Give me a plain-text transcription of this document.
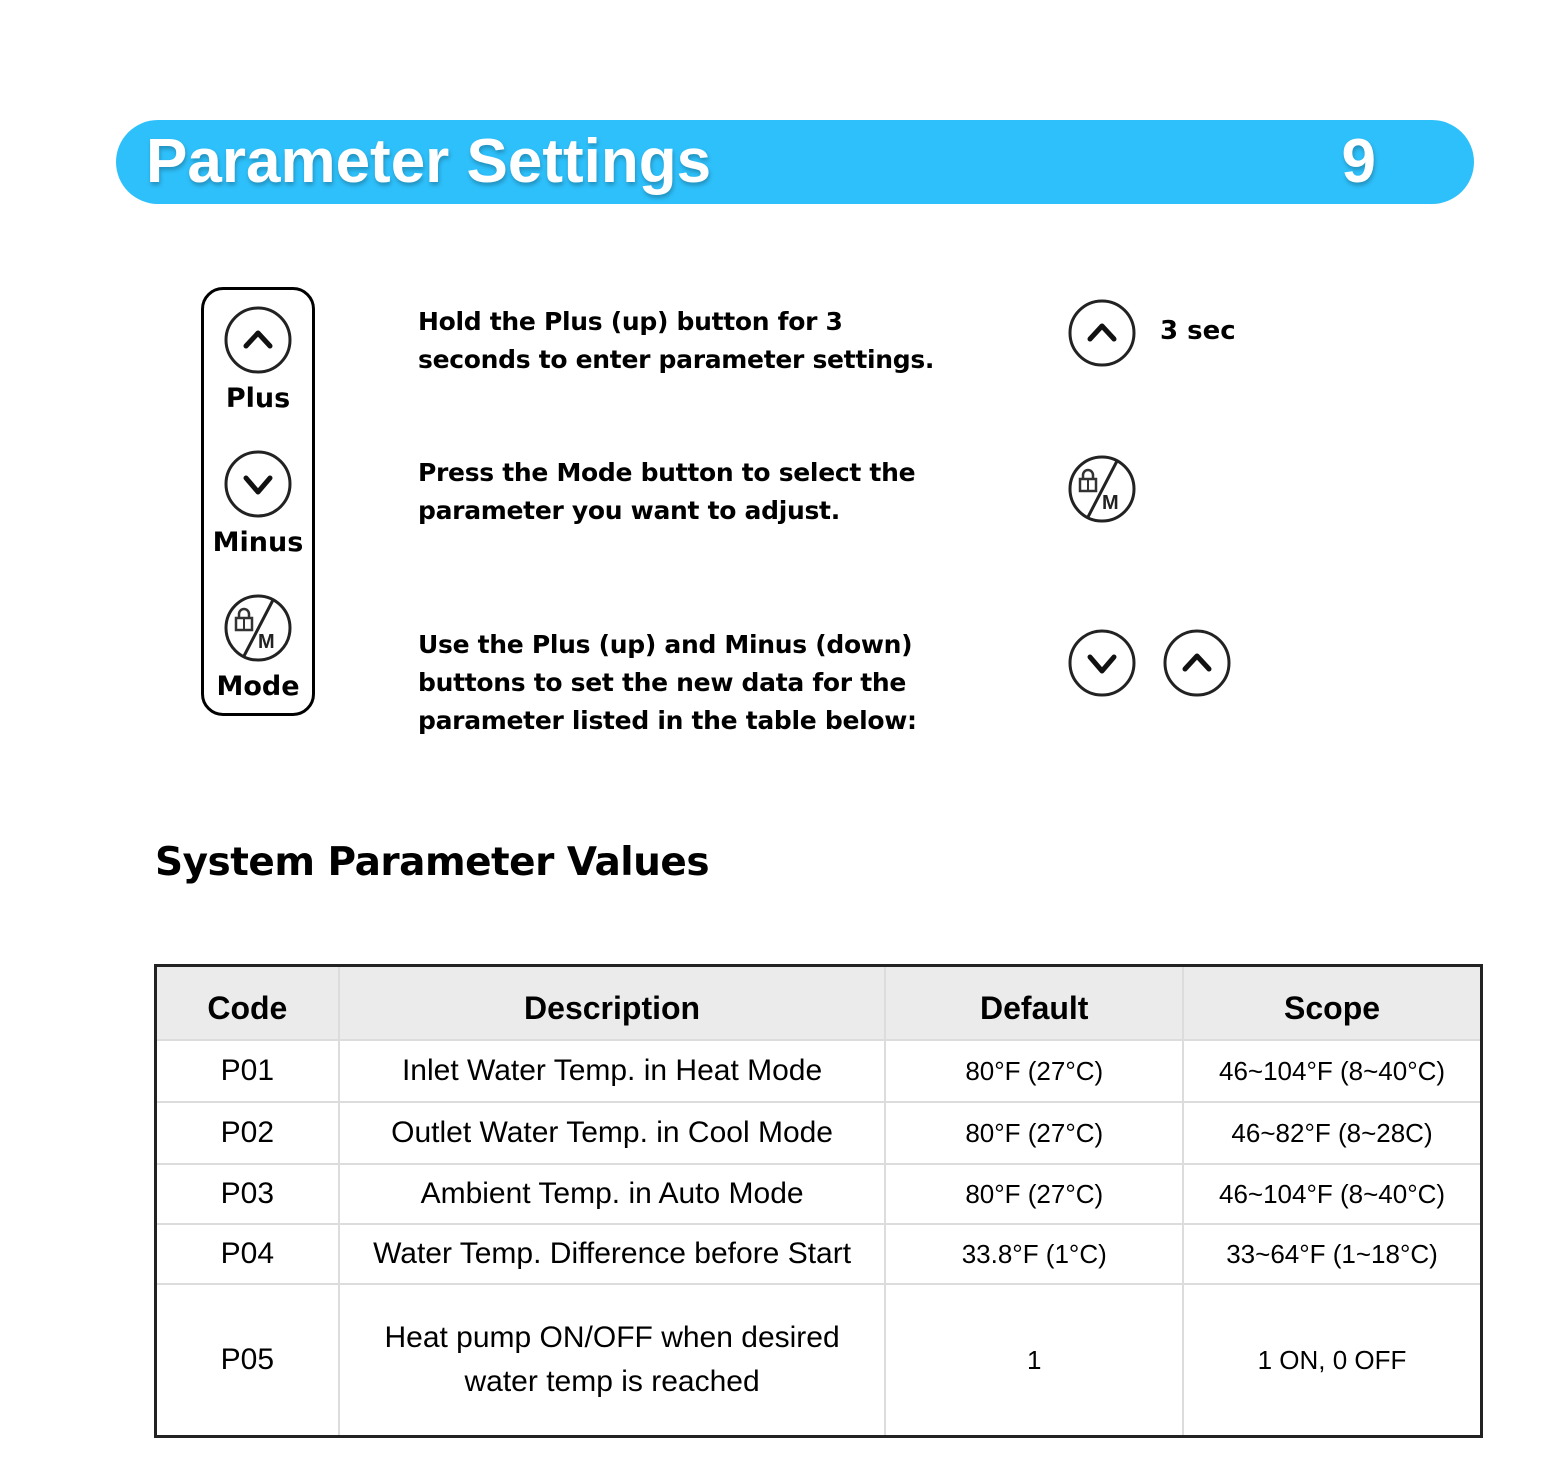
Parameter Settings	9
Plus
Minus
Mode
Hold the Plus (up) button for 3
seconds to enter parameter settings.
Press the Mode button to select the
parameter you want to adjust.
Use the Plus (up) and Minus (down)
buttons to set the new data for the
parameter listed in the table below:
3 sec
System Parameter Values
Code	Description	Default	Scope
P01	Inlet Water Temp. in Heat Mode	80°F (27°C)	46~104°F (8~40°C)
P02	Outlet Water Temp. in Cool Mode	80°F (27°C)	46~82°F (8~28C)
P03	Ambient Temp. in Auto Mode	80°F (27°C)	46~104°F (8~40°C)
P04	Water Temp. Difference before Start	33.8°F (1°C)	33~64°F (1~18°C)
P05	Heat pump ON/OFF when desired
water temp is reached	1	1 ON, 0 OFF
